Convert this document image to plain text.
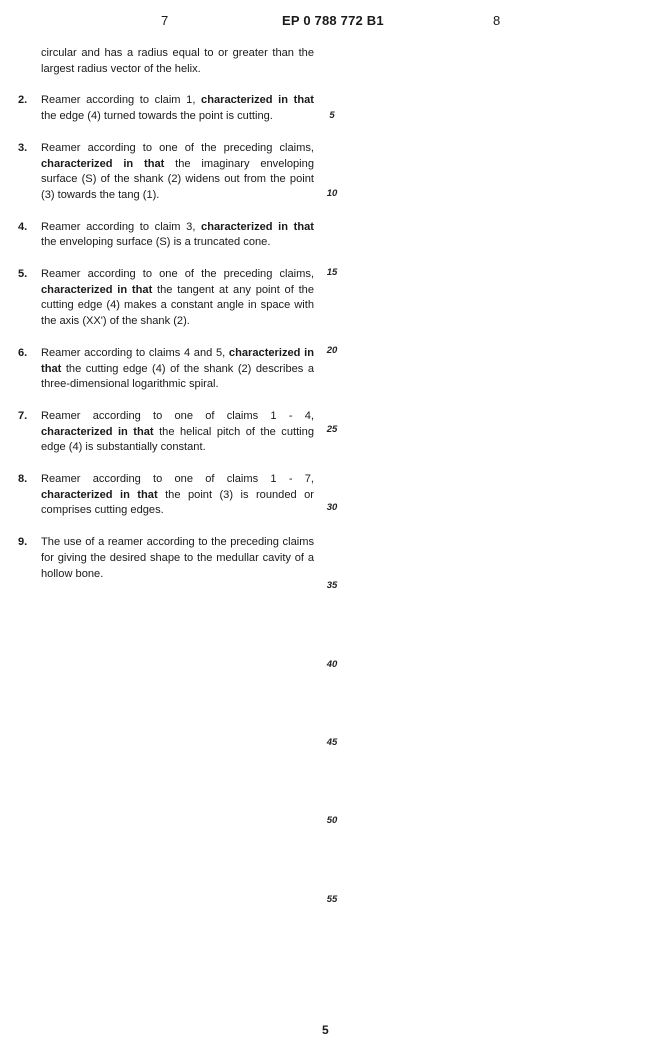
7	EP 0 788 772 B1	8
circular and has a radius equal to or greater than the largest radius vector of the helix.
2.	Reamer according to claim 1, characterized in that the edge (4) turned towards the point is cutting.
3.	Reamer according to one of the preceding claims, characterized in that the imaginary enveloping surface (S) of the shank (2) widens out from the point (3) towards the tang (1).
4.	Reamer according to claim 3, characterized in that the enveloping surface (S) is a truncated cone.
5.	Reamer according to one of the preceding claims, characterized in that the tangent at any point of the cutting edge (4) makes a constant angle in space with the axis (XX') of the shank (2).
6.	Reamer according to claims 4 and 5, characterized in that the cutting edge (4) of the shank (2) describes a three-dimensional logarithmic spiral.
7.	Reamer according to one of claims 1 - 4, characterized in that the helical pitch of the cutting edge (4) is substantially constant.
8.	Reamer according to one of claims 1 - 7, characterized in that the point (3) is rounded or comprises cutting edges.
9.	The use of a reamer according to the preceding claims for giving the desired shape to the medullar cavity of a hollow bone.
5
10
15
20
25
30
35
40
45
50
55
5
